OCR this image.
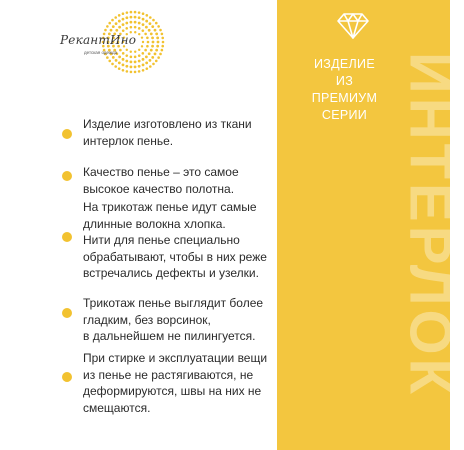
РекантИно
детская одежда

Изделие изготовлено из ткани
интерлок пенье.

Качество пенье – это самое
высокое качество полотна.

На трикотаж пенье идут самые
длинные волокна хлопка.
Нити для пенье специально
обрабатывают, чтобы в них реже
встречались дефекты и узелки.

Трикотаж пенье выглядит более
гладким, без ворсинок,
в дальнейшем не пилингуется.

При стирке и эксплуатации вещи
из пенье не растягиваются, не
деформируются, швы на них не
смещаются.

ИЗДЕЛИЕ
ИЗ
ПРЕМИУМ
СЕРИИ ИНТЕРЛОК
